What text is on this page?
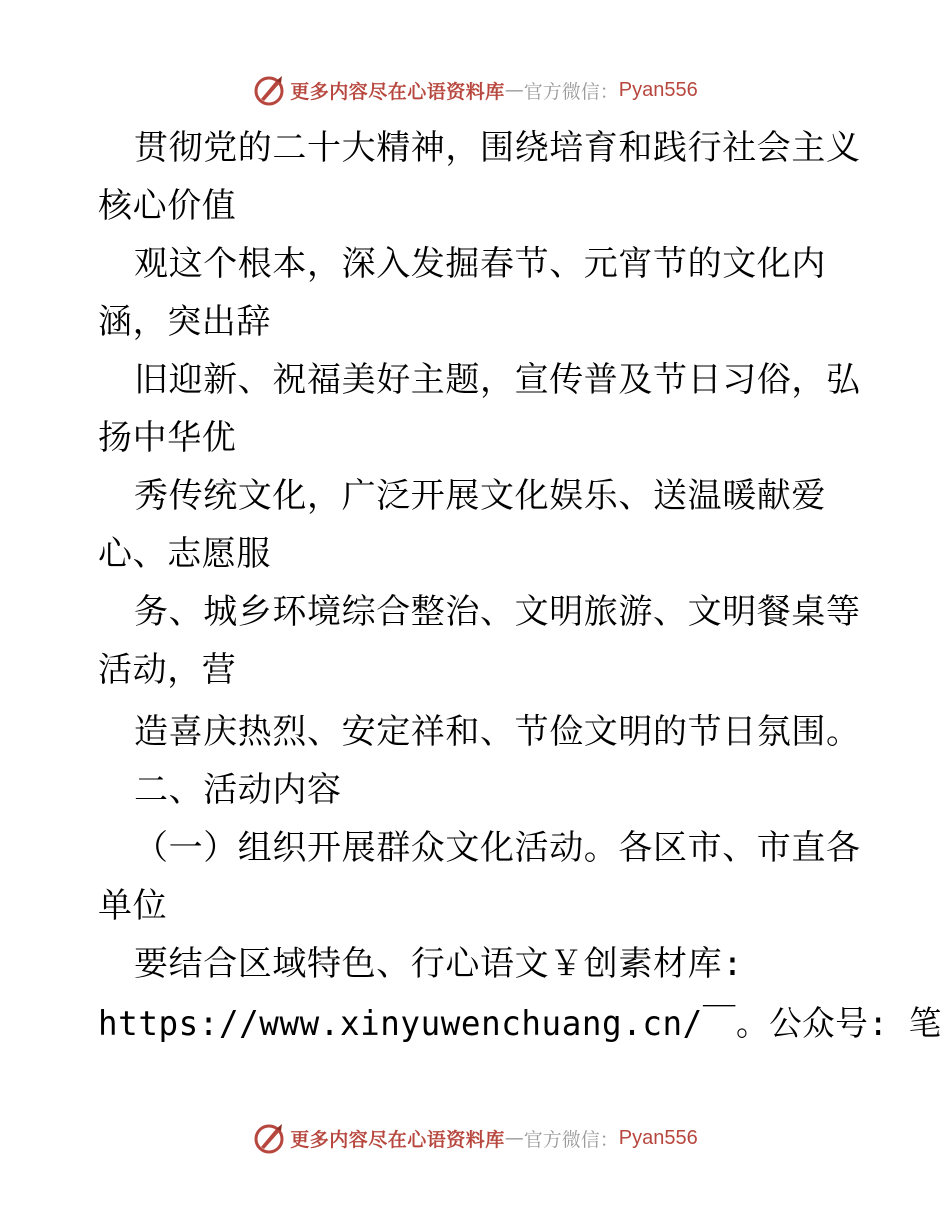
更多内容尽在心语资料库 — 官方微信： Pyan556
贯彻党的二十大精神，围绕培育和践行社会主义
核心价值
观这个根本，深入发掘春节、元宵节的文化内
涵，突出辞
旧迎新、祝福美好主题，宣传普及节日习俗，弘
扬中华优
秀传统文化，广泛开展文化娱乐、送温暖献爱
心、志愿服
务、城乡环境综合整治、文明旅游、文明餐桌等
活动，营
造喜庆热烈、安定祥和、节俭文明的节日氛围。
二、活动内容
（一）组织开展群众文化活动。各区市、市直各
单位
要结合区域特色、行心语文￥创素材库:
https://www.xinyuwenchuang.cn/￣。公众号: 笔
更多内容尽在心语资料库 — 官方微信： Pyan556
